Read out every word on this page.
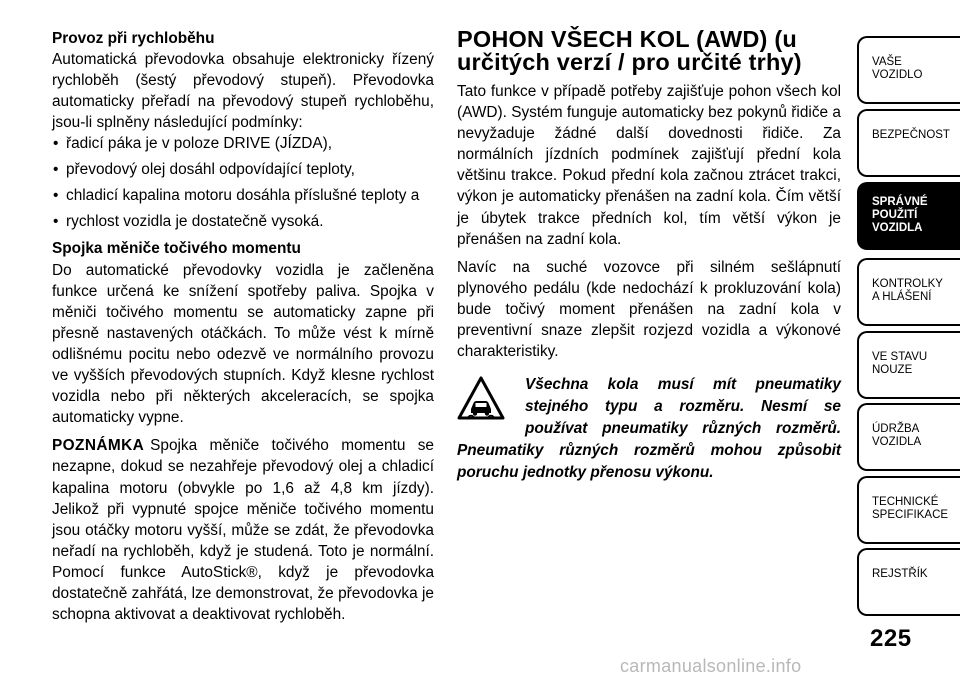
Provoz při rychloběhu

Automatická převodovka obsahuje elektronicky řízený rychloběh (šestý převodový stupeň). Převodovka automaticky přeřadí na převodový stupeň rychloběhu, jsou-li splněny následující podmínky:

• řadicí páka je v poloze DRIVE (JÍZDA),
• převodový olej dosáhl odpovídající teploty,
• chladicí kapalina motoru dosáhla příslušné teploty a
• rychlost vozidla je dostatečně vysoká.

Spojka měniče točivého momentu

Do automatické převodovky vozidla je začleněna funkce určená ke snížení spotřeby paliva. Spojka v měniči točivého momentu se automaticky zapne při přesně nastavených otáčkách. To může vést k mírně odlišnému pocitu nebo odezvě ve normálního provozu ve vyšších převodových stupních. Když klesne rychlost vozidla nebo při některých akceleracích, se spojka automaticky vypne.

POZNÁMKA Spojka měniče točivého momentu se nezapne, dokud se nezahřeje převodový olej a chladicí kapalina motoru (obvykle po 1,6 až 4,8 km jízdy). Jelikož při vypnuté spojce měniče točivého momentu jsou otáčky motoru vyšší, může se zdát, že převodovka neřadí na rychloběh, když je studená. Toto je normální. Pomocí funkce AutoStick®, když je převodovka dostatečně zahřátá, lze demonstrovat, že převodovka je schopna aktivovat a deaktivovat rychloběh.

POHON VŠECH KOL (AWD) (u určitých verzí / pro určité trhy)

Tato funkce v případě potřeby zajišťuje pohon všech kol (AWD). Systém funguje automaticky bez pokynů řidiče a nevyžaduje žádné další dovednosti řidiče. Za normálních jízdních podmínek zajišťují přední kola většinu trakce. Pokud přední kola začnou ztrácet trakci, výkon je automaticky přenášen na zadní kola. Čím větší je úbytek trakce předních kol, tím větší výkon je přenášen na zadní kola.

Navíc na suché vozovce při silném sešlápnutí plynového pedálu (kde nedochází k prokluzování kola) bude točivý moment přenášen na zadní kola v preventivní snaze zlepšit rozjezd vozidla a výkonové charakteristiky.

Všechna kola musí mít pneumatiky
stejného typu a rozměru. Nesmí se
používat pneumatiky různých rozměrů.
Pneumatiky různých rozměrů mohou způsobit
poruchu jednotky přenosu výkonu.
VAŠE
VOZIDLO
BEZPEČNOST
SPRÁVNÉ
POUŽITÍ
VOZIDLA
KONTROLKY
A HLÁŠENÍ
VE STAVU
NOUZE
ÚDRŽBA
VOZIDLA
TECHNICKÉ
SPECIFIKACE
REJSTŘÍK
225
carmanualsonline.info
